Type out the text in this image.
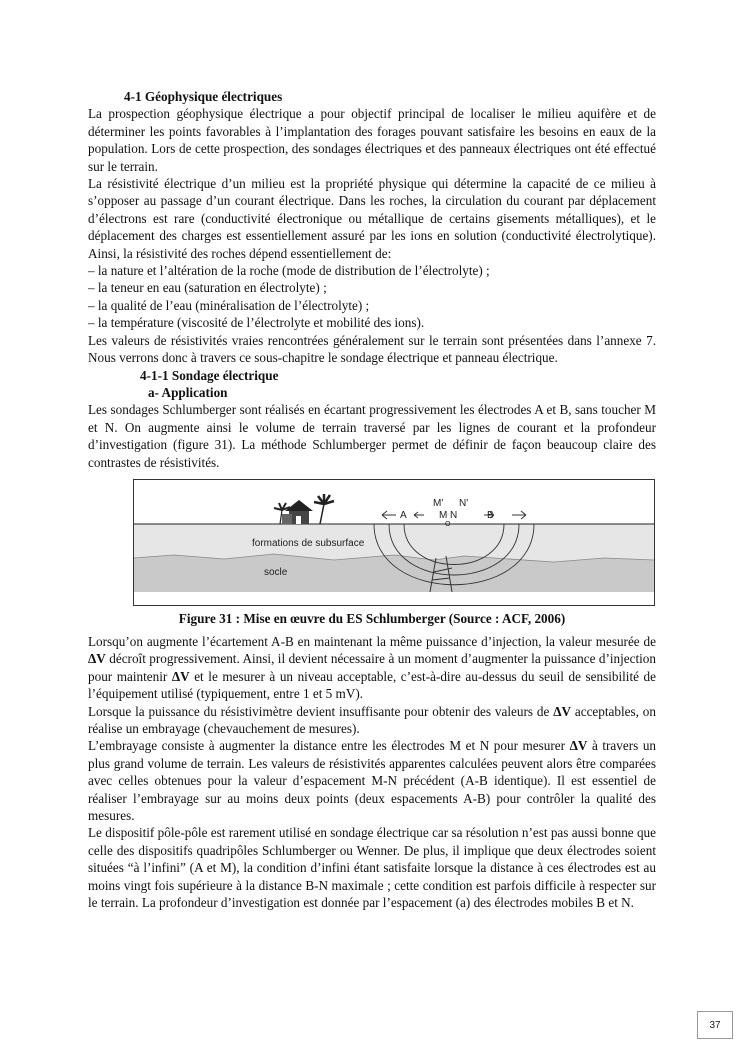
4-1 Géophysique électriques

La prospection géophysique électrique a pour objectif principal de localiser le milieu aquifère et de déterminer les points favorables à l’implantation des forages pouvant satisfaire les besoins en eaux de la population. Lors de cette prospection, des sondages électriques et des panneaux électriques ont été effectué sur le terrain.

La résistivité électrique d’un milieu est la propriété physique qui détermine la capacité de ce milieu à s’opposer au passage d’un courant électrique. Dans les roches, la circulation du courant par déplacement d’électrons est rare (conductivité électronique ou métallique de certains gisements métalliques), et le déplacement des charges est essentiellement assuré par les ions en solution (conductivité électrolytique). Ainsi, la résistivité des roches dépend essentiellement de:

– la nature et l’altération de la roche (mode de distribution de l’électrolyte) ;

– la teneur en eau (saturation en électrolyte) ;

– la qualité de l’eau (minéralisation de l’électrolyte) ;

– la température (viscosité de l’électrolyte et mobilité des ions).

Les valeurs de résistivités vraies rencontrées généralement sur le terrain sont présentées dans l’annexe 7. Nous verrons donc à travers ce sous-chapitre le sondage électrique et panneau électrique.

4-1-1 Sondage électrique

a- Application

Les sondages Schlumberger sont réalisés en écartant progressivement les électrodes A et B, sans toucher M et N. On augmente ainsi le volume de terrain traversé par les lignes de courant et la profondeur d’investigation (figure 31). La méthode Schlumberger permet de définir de façon beaucoup claire des contrastes de résistivités.

A
M' N'
M N
O
B
formations de subsurface
socle
Figure 31 : Mise en œuvre du ES Schlumberger (Source : ACF, 2006)

Lorsqu’on augmente l’écartement A-B en maintenant la même puissance d’injection, la valeur mesurée de ΔV décroît progressivement. Ainsi, il devient nécessaire à un moment d’augmenter la puissance d’injection pour maintenir ΔV et le mesurer à un niveau acceptable, c’est-à-dire au-dessus du seuil de sensibilité de l’équipement utilisé (typiquement, entre 1 et 5 mV).

Lorsque la puissance du résistivimètre devient insuffisante pour obtenir des valeurs de ΔV acceptables, on réalise un embrayage (chevauchement de mesures).

L’embrayage consiste à augmenter la distance entre les électrodes M et N pour mesurer ΔV à travers un plus grand volume de terrain. Les valeurs de résistivités apparentes calculées peuvent alors être comparées avec celles obtenues pour la valeur d’espacement M-N précédent (A-B identique). Il est essentiel de réaliser l’embrayage sur au moins deux points (deux espacements A-B) pour contrôler la qualité des mesures.

Le dispositif pôle-pôle est rarement utilisé en sondage électrique car sa résolution n’est pas aussi bonne que celle des dispositifs quadripôles Schlumberger ou Wenner. De plus, il implique que deux électrodes soient situées “à l’infini” (A et M), la condition d’infini étant satisfaite lorsque la distance à ces électrodes est au moins vingt fois supérieure à la distance B-N maximale ; cette condition est parfois difficile à respecter sur le terrain. La profondeur d’investigation est donnée par l’espacement (a) des électrodes mobiles B et N.

37
